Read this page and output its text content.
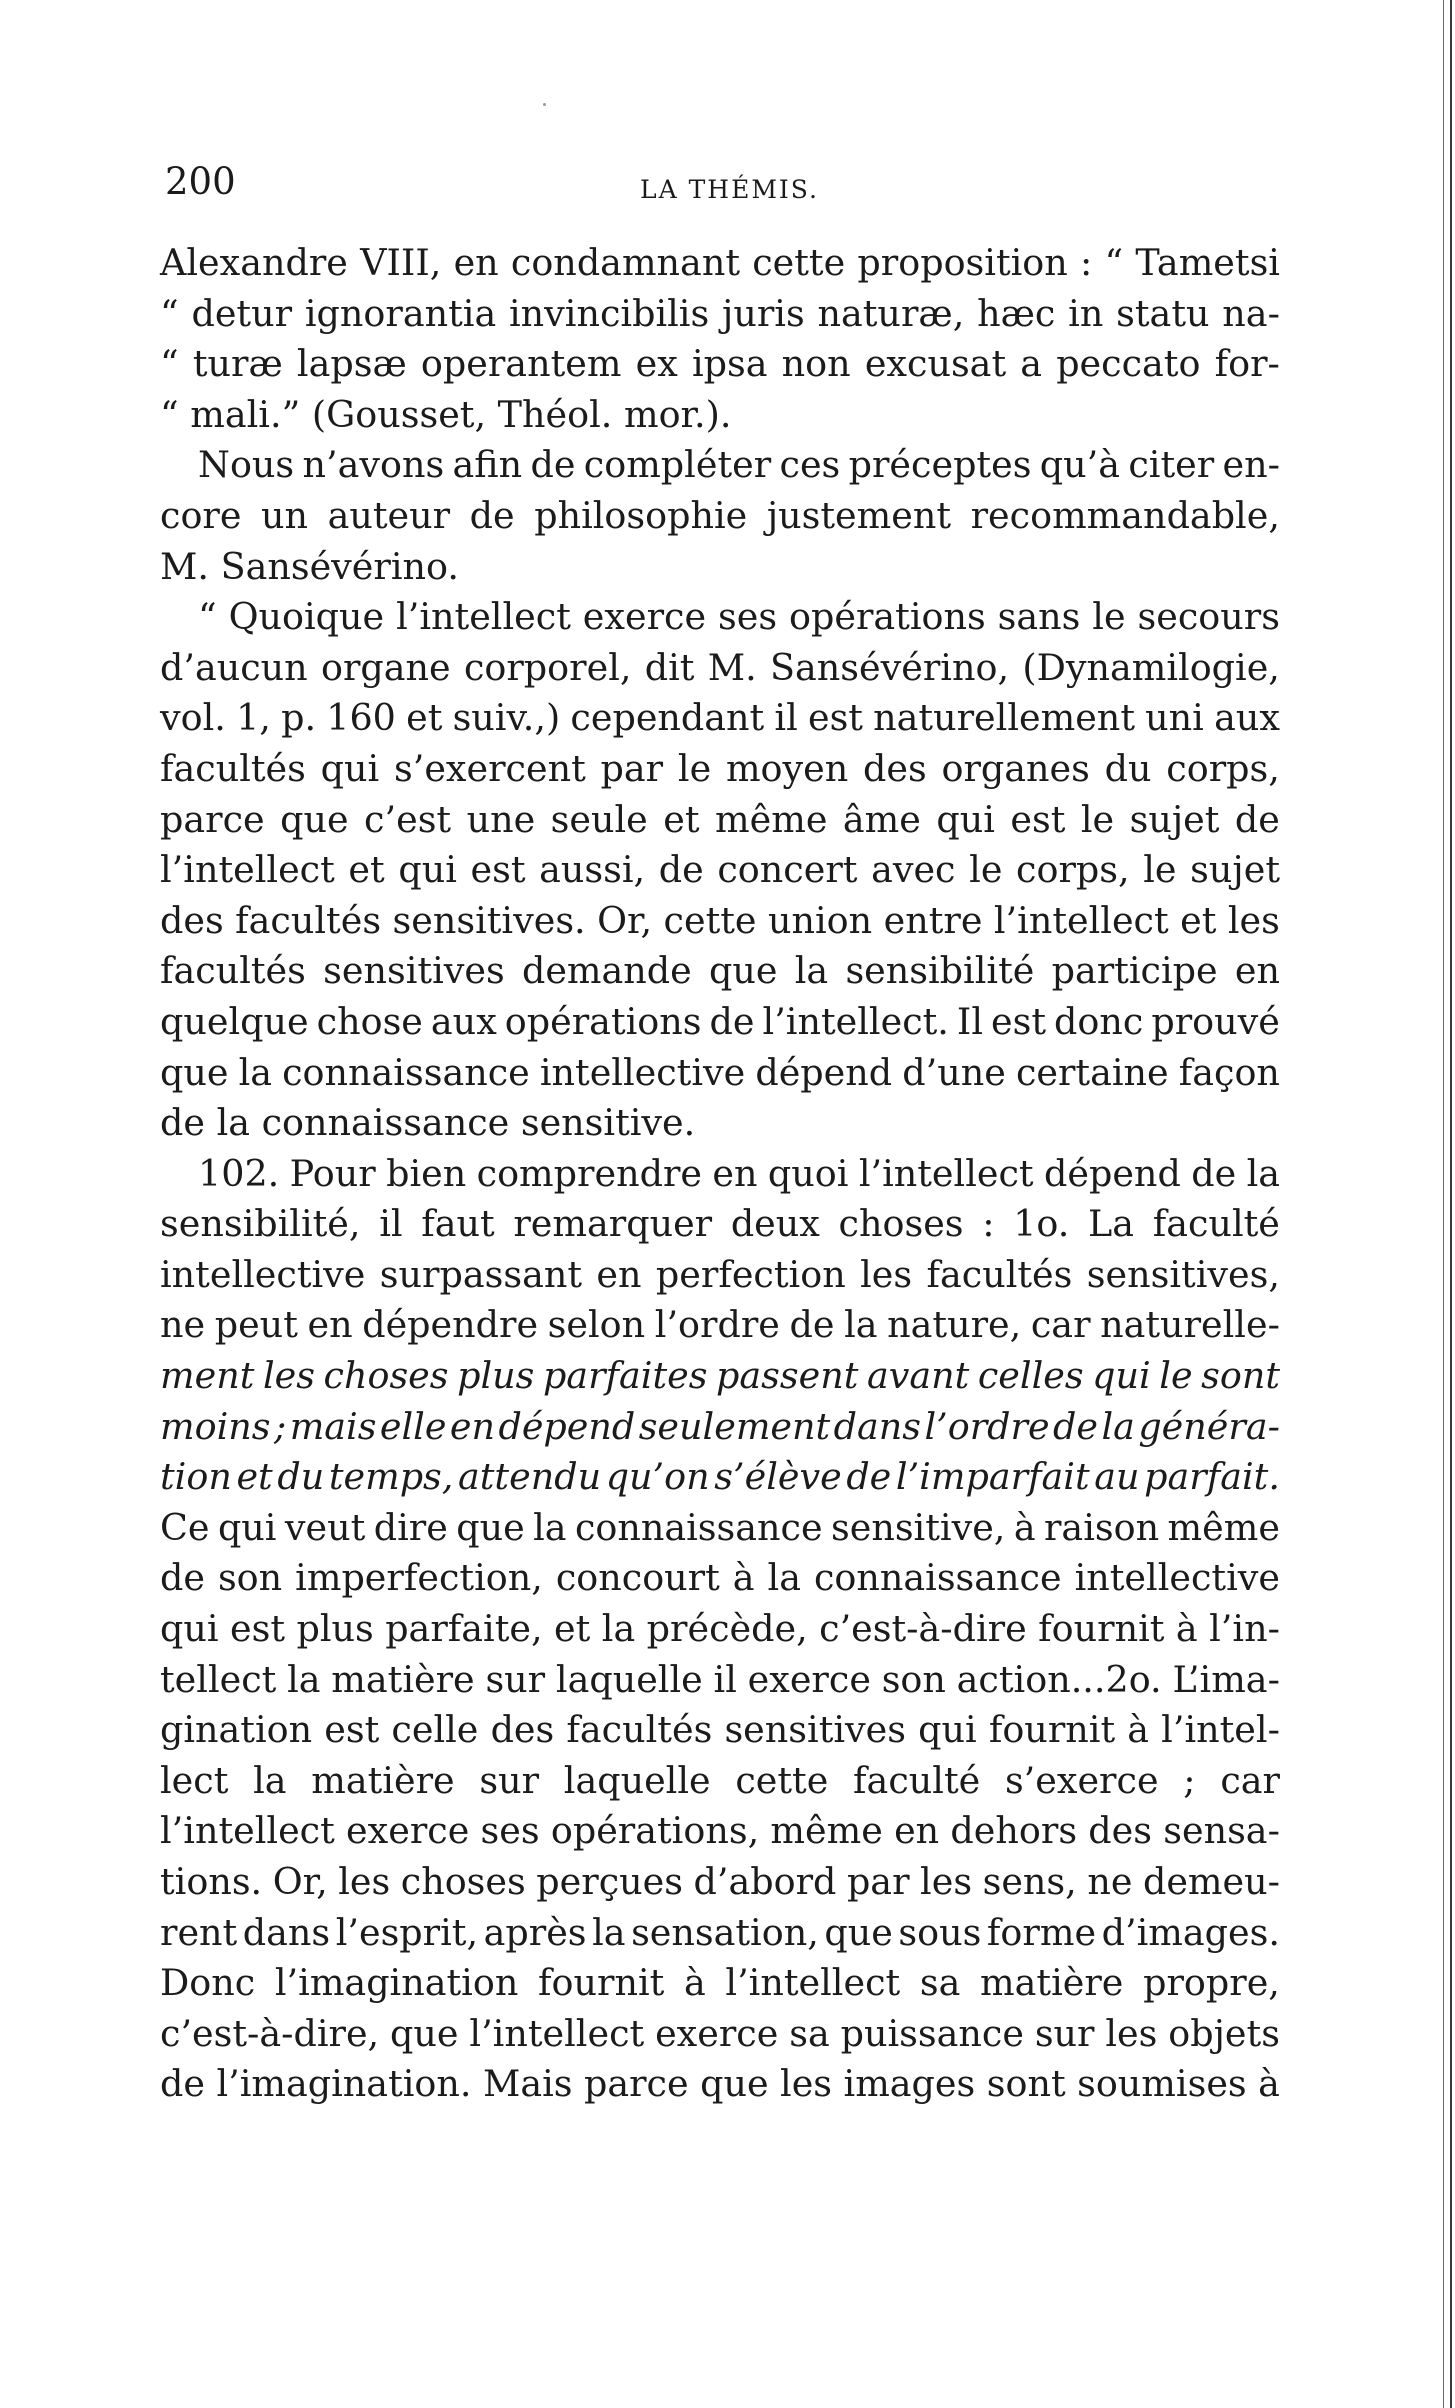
200	LA THÉMIS.
Alexandre VIII, en condamnant cette proposition : “ Tametsi
“ detur ignorantia invincibilis juris naturæ, hæc in statu na-
“ turæ lapsæ operantem ex ipsa non excusat a peccato for-
“ mali.” (Gousset, Théol. mor.).
Nous n’avons afin de compléter ces préceptes qu’à citer en-
core un auteur de philosophie justement recommandable,
M. Sansévérino.
“ Quoique l’intellect exerce ses opérations sans le secours
d’aucun organe corporel, dit M. Sansévérino, (Dynamilogie,
vol. 1, p. 160 et suiv.,) cependant il est naturellement uni aux
facultés qui s’exercent par le moyen des organes du corps,
parce que c’est une seule et même âme qui est le sujet de
l’intellect et qui est aussi, de concert avec le corps, le sujet
des facultés sensitives. Or, cette union entre l’intellect et les
facultés sensitives demande que la sensibilité participe en
quelque chose aux opérations de l’intellect. Il est donc prouvé
que la connaissance intellective dépend d’une certaine façon
de la connaissance sensitive.
102. Pour bien comprendre en quoi l’intellect dépend de la
sensibilité, il faut remarquer deux choses : 1o. La faculté
intellective surpassant en perfection les facultés sensitives,
ne peut en dépendre selon l’ordre de la nature, car naturelle-
ment les choses plus parfaites passent avant celles qui le sont
moins ; mais elle en dépend seulement dans l’ordre de la généra-
tion et du temps, attendu qu’on s’élève de l’imparfait au parfait.
Ce qui veut dire que la connaissance sensitive, à raison même
de son imperfection, concourt à la connaissance intellective
qui est plus parfaite, et la précède, c’est-à-dire fournit à l’in-
tellect la matière sur laquelle il exerce son action...2o. L’ima-
gination est celle des facultés sensitives qui fournit à l’intel-
lect la matière sur laquelle cette faculté s’exerce ; car
l’intellect exerce ses opérations, même en dehors des sensa-
tions. Or, les choses perçues d’abord par les sens, ne demeu-
rent dans l’esprit, après la sensation, que sous forme d’images.
Donc l’imagination fournit à l’intellect sa matière propre,
c’est-à-dire, que l’intellect exerce sa puissance sur les objets
de l’imagination. Mais parce que les images sont soumises à
